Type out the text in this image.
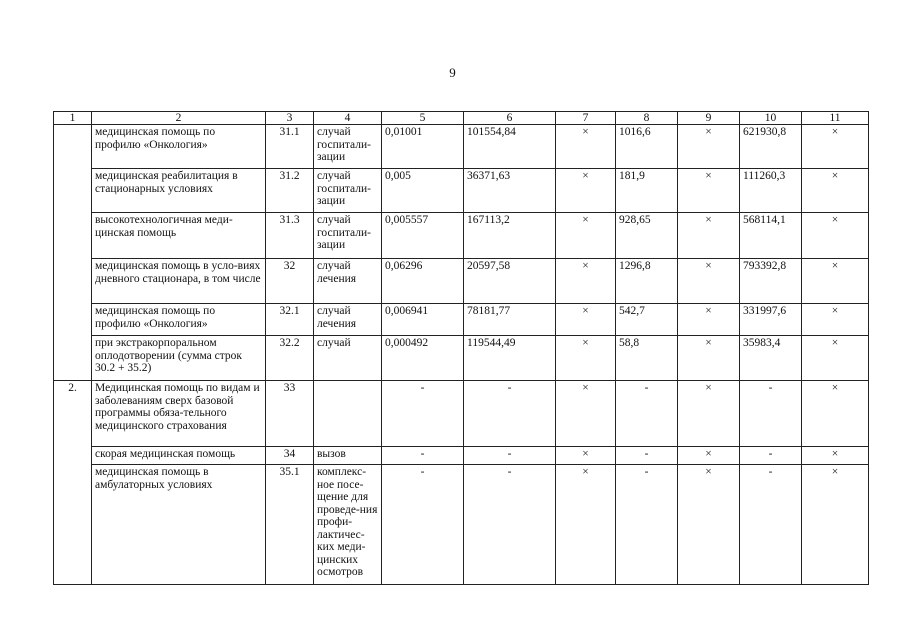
9
1	2	3	4	5	6	7	8	9	10	11
	медицинская помощь по профилю «Онкология»	31.1	случай госпитали-зации	0,01001	101554,84	×	1016,6	×	621930,8	×
	медицинская реабилитация в стационарных условиях	31.2	случай госпитали-зации	0,005	36371,63	×	181,9	×	111260,3	×
	высокотехнологичная меди-цинская помощь	31.3	случай госпитали-зации	0,005557	167113,2	×	928,65	×	568114,1	×
	медицинская помощь в усло-виях дневного стационара, в том числе	32	случай лечения	0,06296	20597,58	×	1296,8	×	793392,8	×
	медицинская помощь по профилю «Онкология»	32.1	случай лечения	0,006941	78181,77	×	542,7	×	331997,6	×
	при экстракорпоральном оплодотворении (сумма строк 30.2 + 35.2)	32.2	случай	0,000492	119544,49	×	58,8	×	35983,4	×
2.	Медицинская помощь по видам и заболеваниям сверх базовой программы обяза-тельного медицинского страхования	33		-	-	×	-	×	-	×
	скорая медицинская помощь	34	вызов	-	-	×	-	×	-	×
	медицинская помощь в амбулаторных условиях	35.1	комплекс-ное посе-щение для проведе-ния профи-лактичес-ких меди-цинских осмотров	-	-	×	-	×	-	×
